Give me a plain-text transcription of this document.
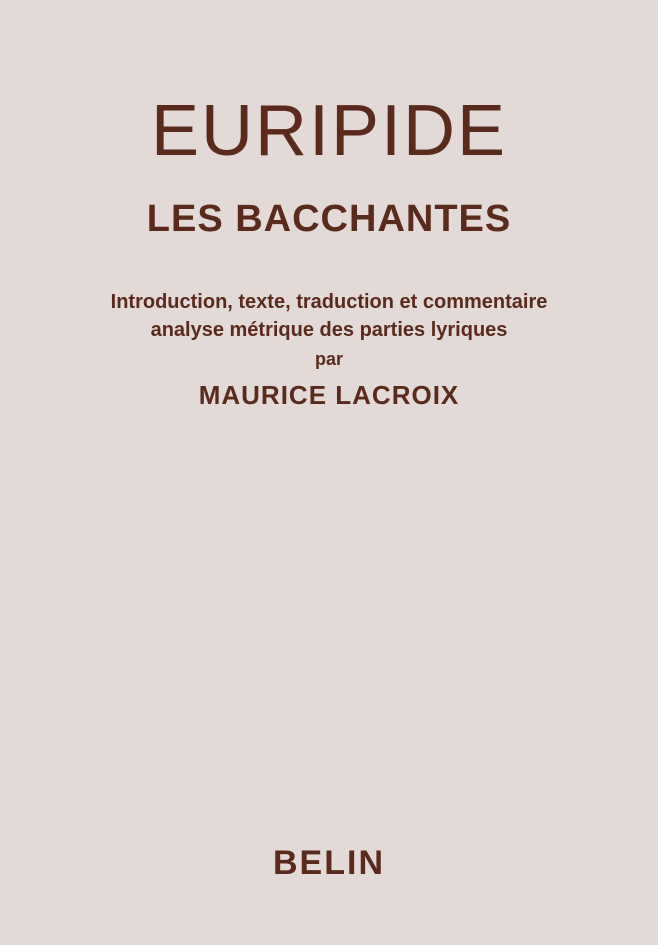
EURIPIDE
LES BACCHANTES

Introduction, texte, traduction et commentaire

analyse métrique des parties lyriques

par

MAURICE LACROIX

BELIN
